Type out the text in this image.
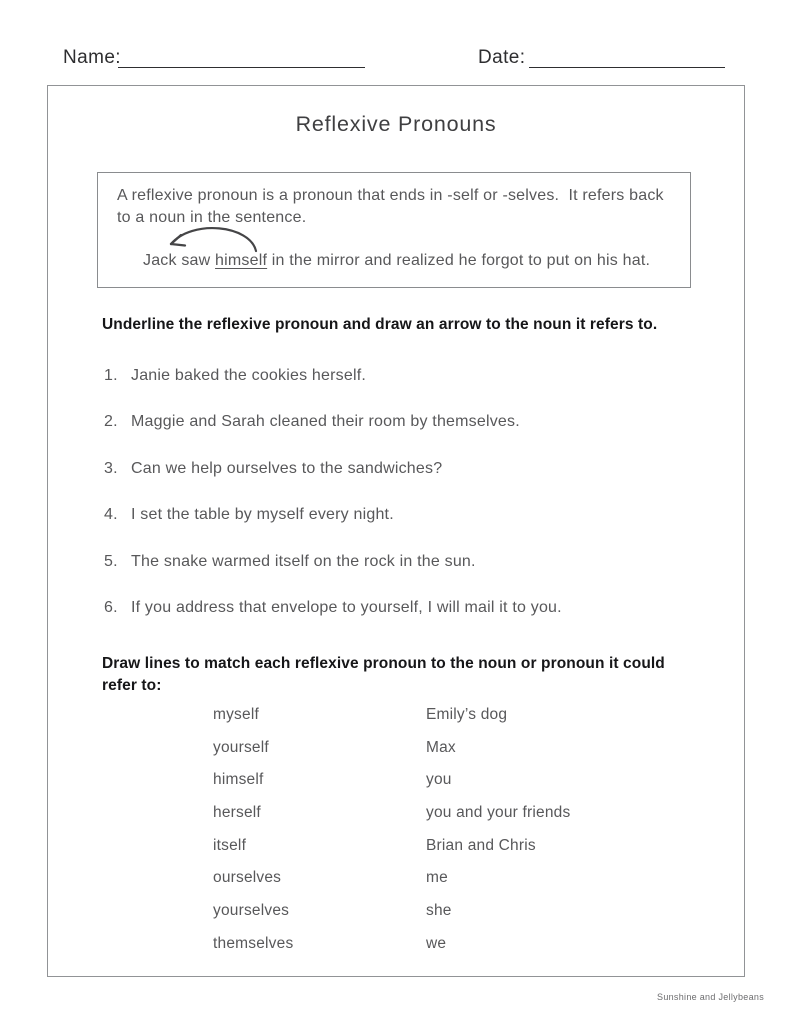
Name:	Date:
Reflexive Pronouns
A reflexive pronoun is a pronoun that ends in -self or -selves.  It refers back to a noun in the sentence.
Jack saw himself in the mirror and realized he forgot to put on his hat.
Underline the reflexive pronoun and draw an arrow to the noun it refers to.
1. Janie baked the cookies herself.
2. Maggie and Sarah cleaned their room by themselves.
3. Can we help ourselves to the sandwiches?
4. I set the table by myself every night.
5. The snake warmed itself on the rock in the sun.
6. If you address that envelope to yourself, I will mail it to you.
Draw lines to match each reflexive pronoun to the noun or pronoun it could refer to:
myself	Emily’s dog
yourself	Max
himself	you
herself	you and your friends
itself	Brian and Chris
ourselves	me
yourselves	she
themselves	we
Sunshine and Jellybeans
